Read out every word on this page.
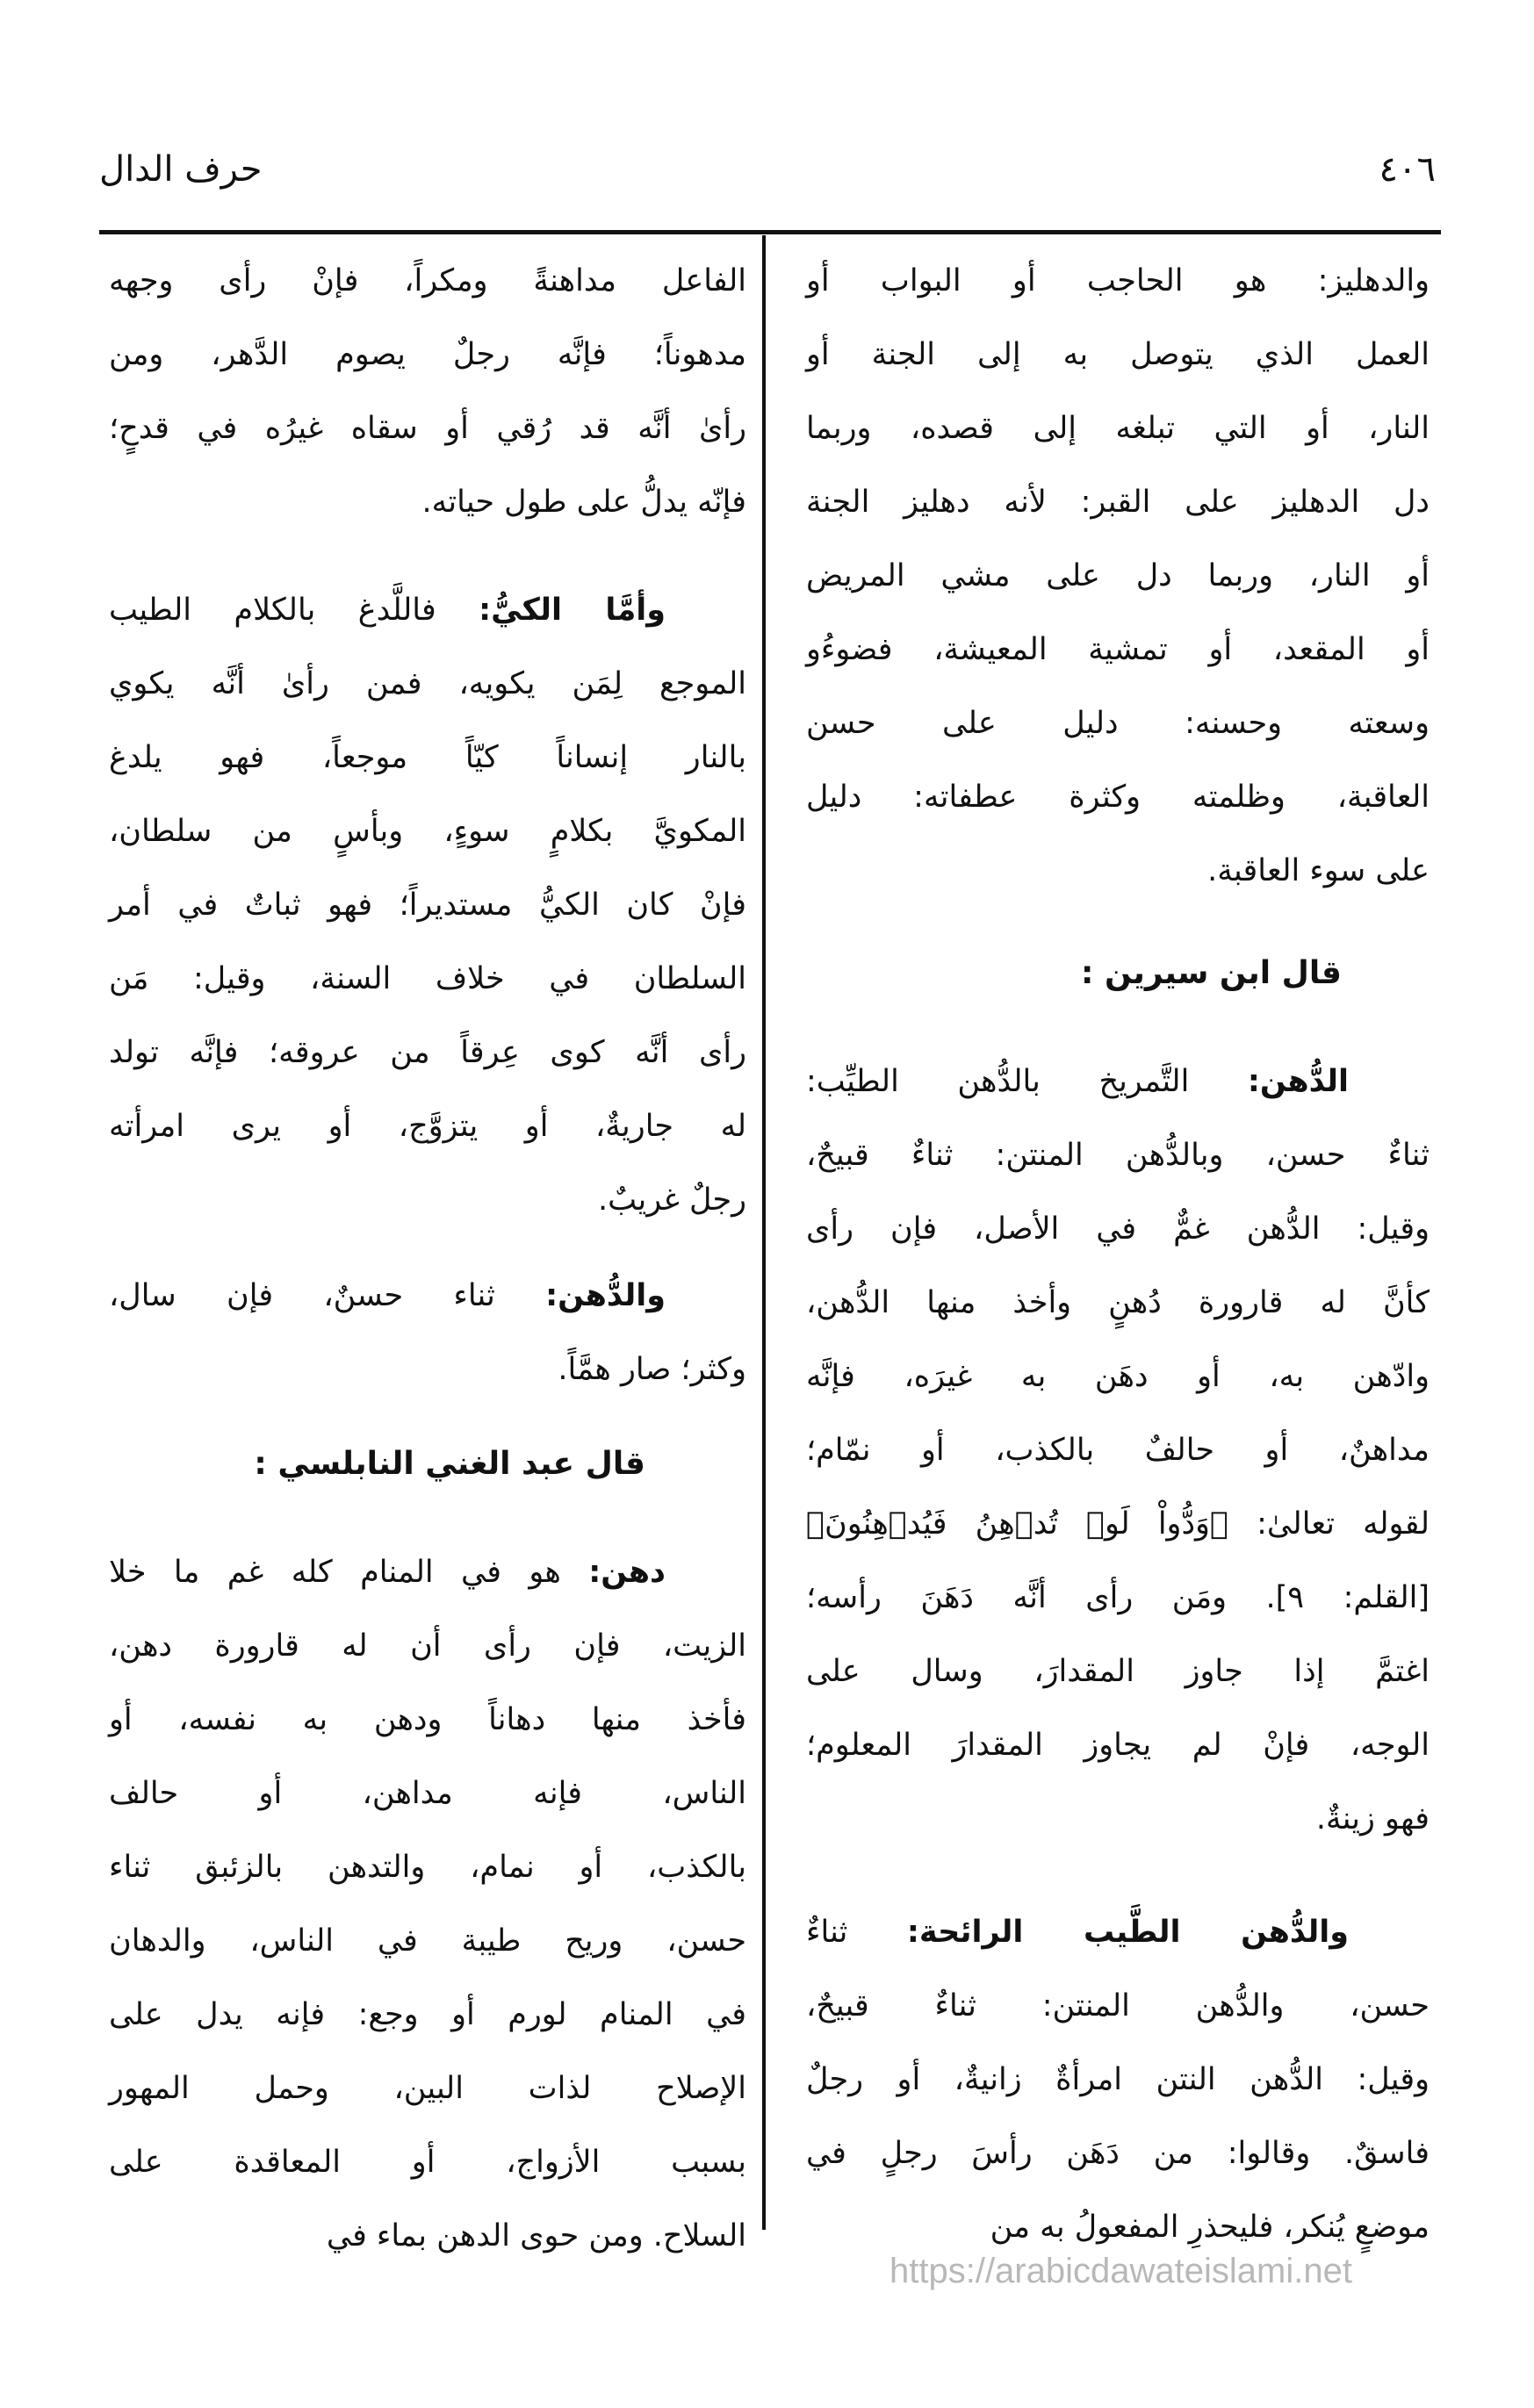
٤٠٦
حرف الدال
والدهليز: هو الحاجب أو البواب أو
العمل الذي يتوصل به إلى الجنة أو
النار، أو التي تبلغه إلى قصده، وربما
دل الدهليز على القبر: لأنه دهليز الجنة
أو النار، وربما دل على مشي المريض
أو المقعد، أو تمشية المعيشة، فضوءُو
وسعته وحسنه: دليل على حسن
العاقبة، وظلمته وكثرة عطفاته: دليل
على سوء العاقبة.
قال ابن سيرين :
الدُّهن: التَّمريخ بالدُّهن الطيِّب:
ثناءٌ حسن، وبالدُّهن المنتن: ثناءٌ قبيحٌ،
وقيل: الدُّهن غمٌّ في الأصل، فإن رأى
كأنَّ له قارورة دُهنٍ وأخذ منها الدُّهن،
وادّهن به، أو دهَن به غيرَه، فإنَّه
مداهنٌ، أو حالفٌ بالكذب، أو نمّام؛
لقوله تعالىٰ: ﴿وَدُّواْ لَوۡ تُدۡهِنُ فَيُدۡهِنُونَ﴾
[القلم: ٩]. ومَن رأى أنَّه دَهَنَ رأسه؛
اغتمَّ إذا جاوز المقدارَ، وسال على
الوجه، فإنْ لم يجاوز المقدارَ المعلوم؛
فهو زينةٌ.
والدُّهن الطَّيب الرائحة: ثناءٌ
حسن، والدُّهن المنتن: ثناءٌ قبيحٌ،
وقيل: الدُّهن النتن امرأةٌ زانيةٌ، أو رجلٌ
فاسقٌ. وقالوا: من دَهَن رأسَ رجلٍ في
موضعٍ يُنكر، فليحذرِ المفعولُ به من
الفاعل مداهنةً ومكراً، فإنْ رأى وجهه
مدهوناً؛ فإنَّه رجلٌ يصوم الدَّهر، ومن
رأىٰ أنَّه قد رُقي أو سقاه غيرُه في قدحٍ؛
فإنّه يدلُّ على طول حياته.
وأمَّا الكيُّ: فاللَّدغ بالكلام الطيب
الموجع لِمَن يكويه، فمن رأىٰ أنَّه يكوي
بالنار إنساناً كيّاً موجعاً، فهو يلدغ
المكويَّ بكلامٍ سوءٍ، وبأسٍ من سلطان،
فإنْ كان الكيُّ مستديراً؛ فهو ثباتٌ في أمر
السلطان في خلاف السنة، وقيل: مَن
رأى أنَّه كوى عِرقاً من عروقه؛ فإنَّه تولد
له جاريةٌ، أو يتزوَّج، أو يرى امرأته
رجلٌ غريبٌ.
والدُّهن: ثناء حسنٌ، فإن سال،
وكثر؛ صار همَّاً.
قال عبد الغني النابلسي :
دهن: هو في المنام كله غم ما خلا
الزيت، فإن رأى أن له قارورة دهن،
فأخذ منها دهاناً ودهن به نفسه، أو
الناس، فإنه مداهن، أو حالف
بالكذب، أو نمام، والتدهن بالزئبق ثناء
حسن، وريح طيبة في الناس، والدهان
في المنام لورم أو وجع: فإنه يدل على
الإصلاح لذات البين، وحمل المهور
بسبب الأزواج، أو المعاقدة على
السلاح. ومن حوى الدهن بماء في
https://arabicdawateislami.net
